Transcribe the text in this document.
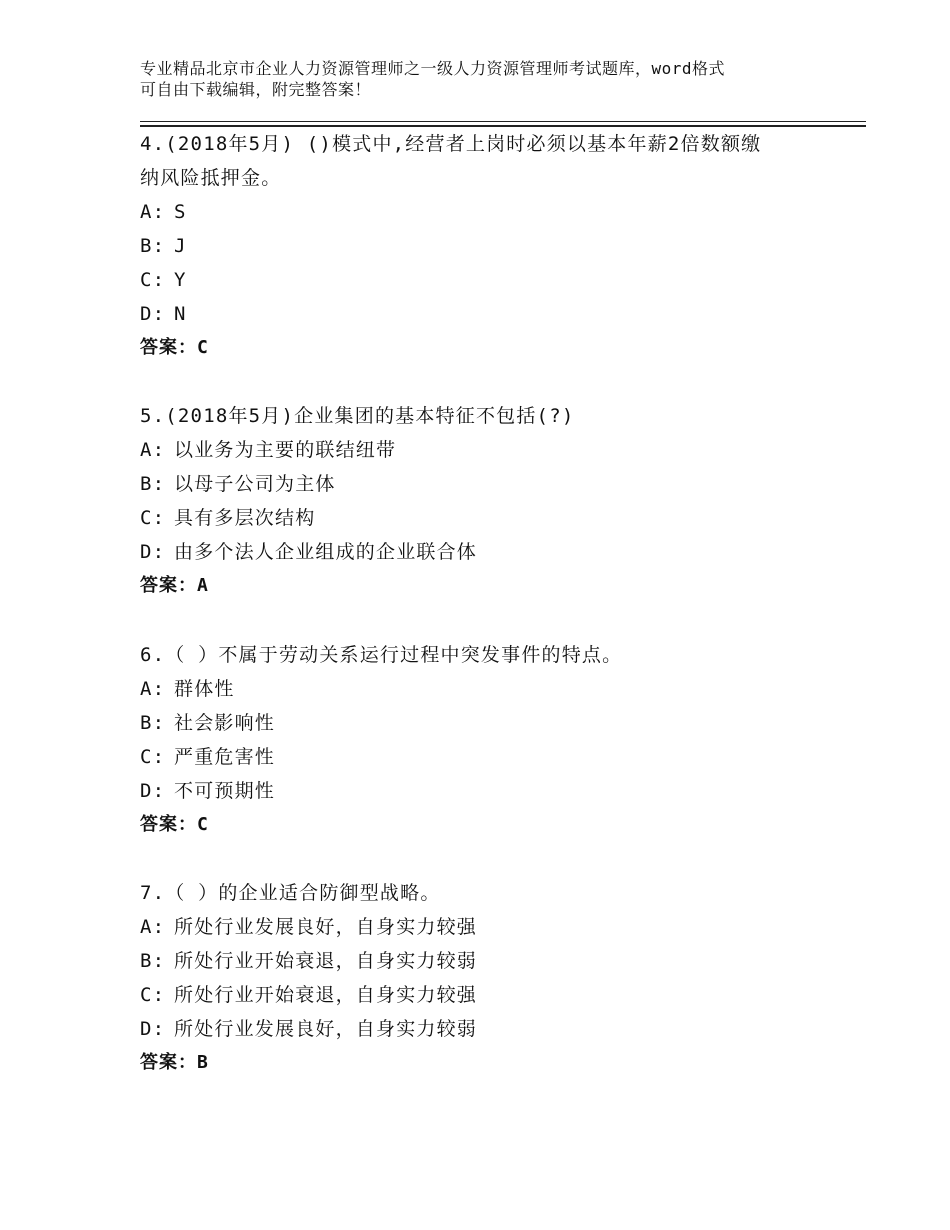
专业精品北京市企业人力资源管理师之一级人力资源管理师考试题库，word格式
可自由下载编辑，附完整答案！

4.(2018年5月) ()模式中,经营者上岗时必须以基本年薪2倍数额缴

纳风险抵押金。

A: S

B: J

C: Y

D: N

答案：C

5.(2018年5月)企业集团的基本特征不包括(?)

A: 以业务为主要的联结纽带

B: 以母子公司为主体

C: 具有多层次结构

D: 由多个法人企业组成的企业联合体

答案：A

6.（ ）不属于劳动关系运行过程中突发事件的特点。

A: 群体性

B: 社会影响性

C: 严重危害性

D: 不可预期性

答案：C

7.（ ）的企业适合防御型战略。

A: 所处行业发展良好，自身实力较强

B: 所处行业开始衰退，自身实力较弱

C: 所处行业开始衰退，自身实力较强

D: 所处行业发展良好，自身实力较弱

答案：B
